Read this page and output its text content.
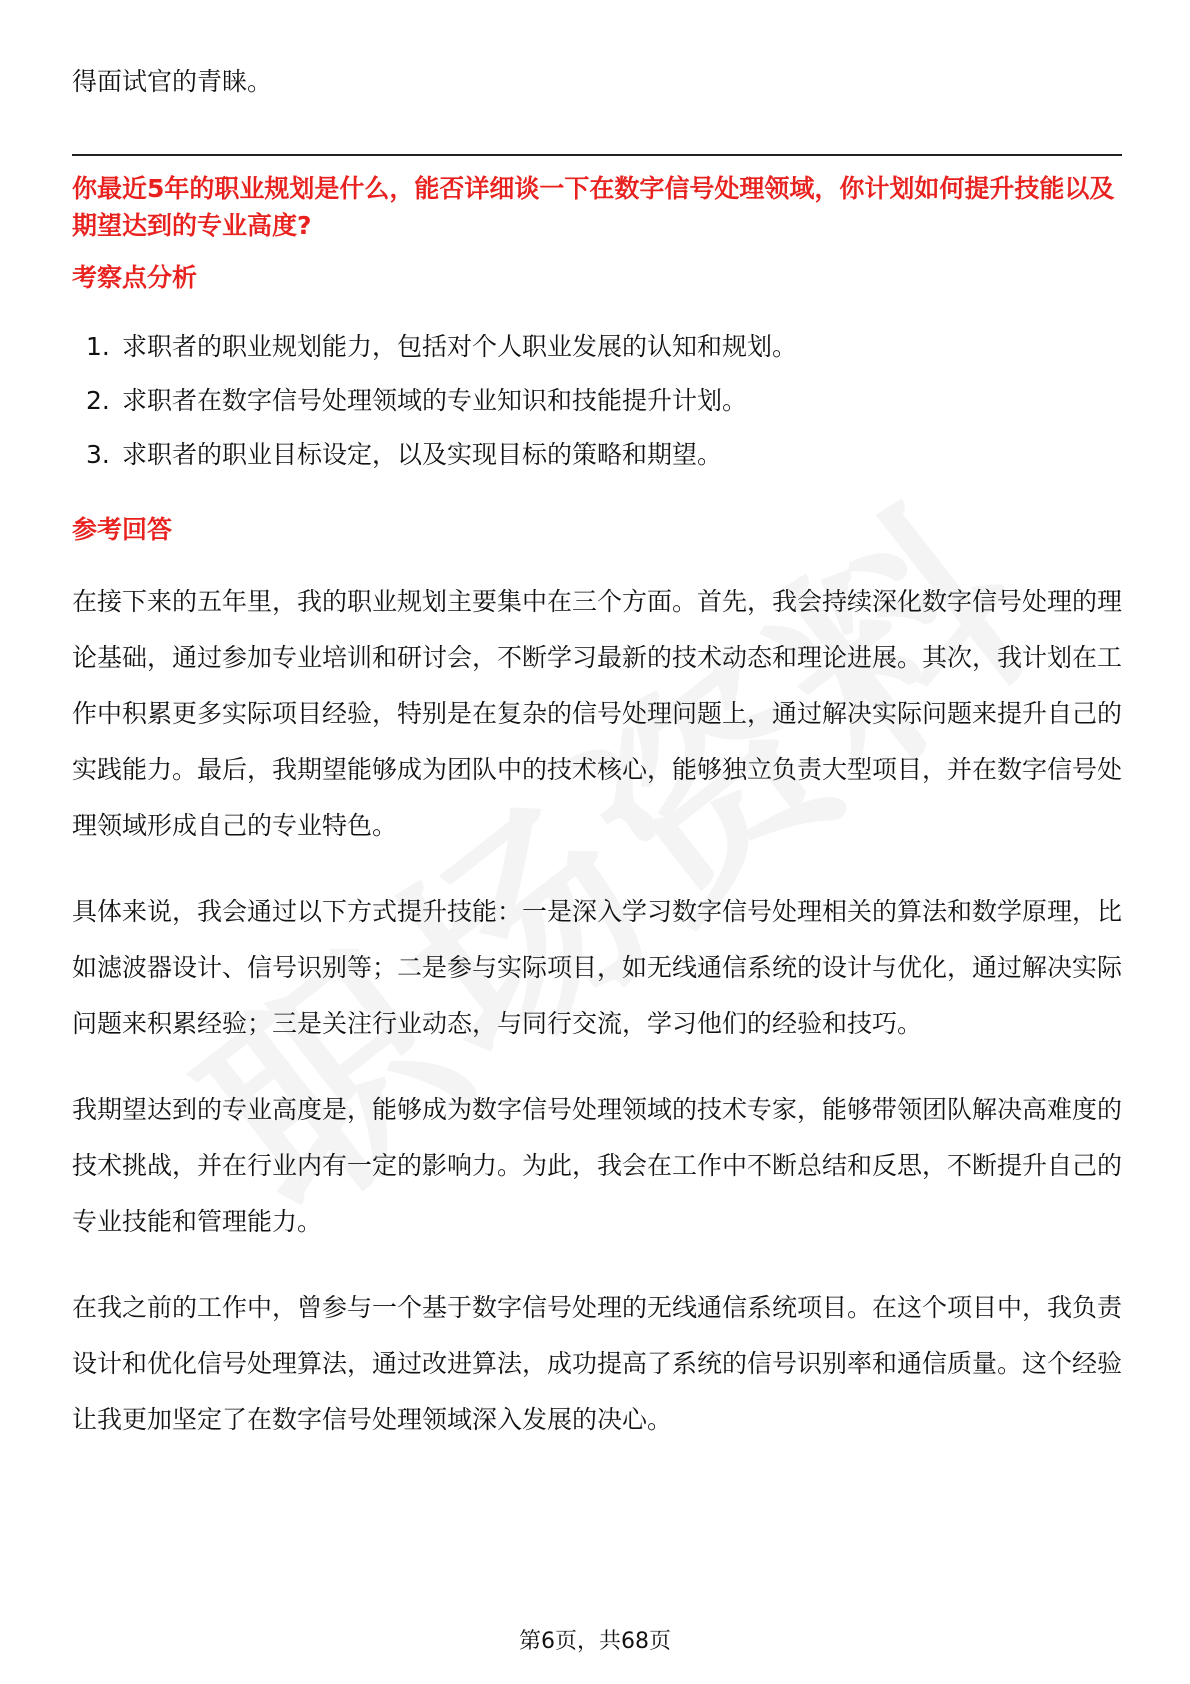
得面试官的青睐。

你最近5年的职业规划是什么，能否详细谈一下在数字信号处理领域，你计划如何提升技能以及期望达到的专业高度?

考察点分析

1. 求职者的职业规划能力，包括对个人职业发展的认知和规划。
2. 求职者在数字信号处理领域的专业知识和技能提升计划。
3. 求职者的职业目标设定，以及实现目标的策略和期望。

参考回答

在接下来的五年里，我的职业规划主要集中在三个方面。首先，我会持续深化数字信号处理的理论基础，通过参加专业培训和研讨会，不断学习最新的技术动态和理论进展。其次，我计划在工作中积累更多实际项目经验，特别是在复杂的信号处理问题上，通过解决实际问题来提升自己的实践能力。最后，我期望能够成为团队中的技术核心，能够独立负责大型项目，并在数字信号处理领域形成自己的专业特色。

具体来说，我会通过以下方式提升技能：一是深入学习数字信号处理相关的算法和数学原理，比如滤波器设计、信号识别等；二是参与实际项目，如无线通信系统的设计与优化，通过解决实际问题来积累经验；三是关注行业动态，与同行交流，学习他们的经验和技巧。

我期望达到的专业高度是，能够成为数字信号处理领域的技术专家，能够带领团队解决高难度的技术挑战，并在行业内有一定的影响力。为此，我会在工作中不断总结和反思，不断提升自己的专业技能和管理能力。

在我之前的工作中，曾参与一个基于数字信号处理的无线通信系统项目。在这个项目中，我负责设计和优化信号处理算法，通过改进算法，成功提高了系统的信号识别率和通信质量。这个经验让我更加坚定了在数字信号处理领域深入发展的决心。

第6页，共68页
